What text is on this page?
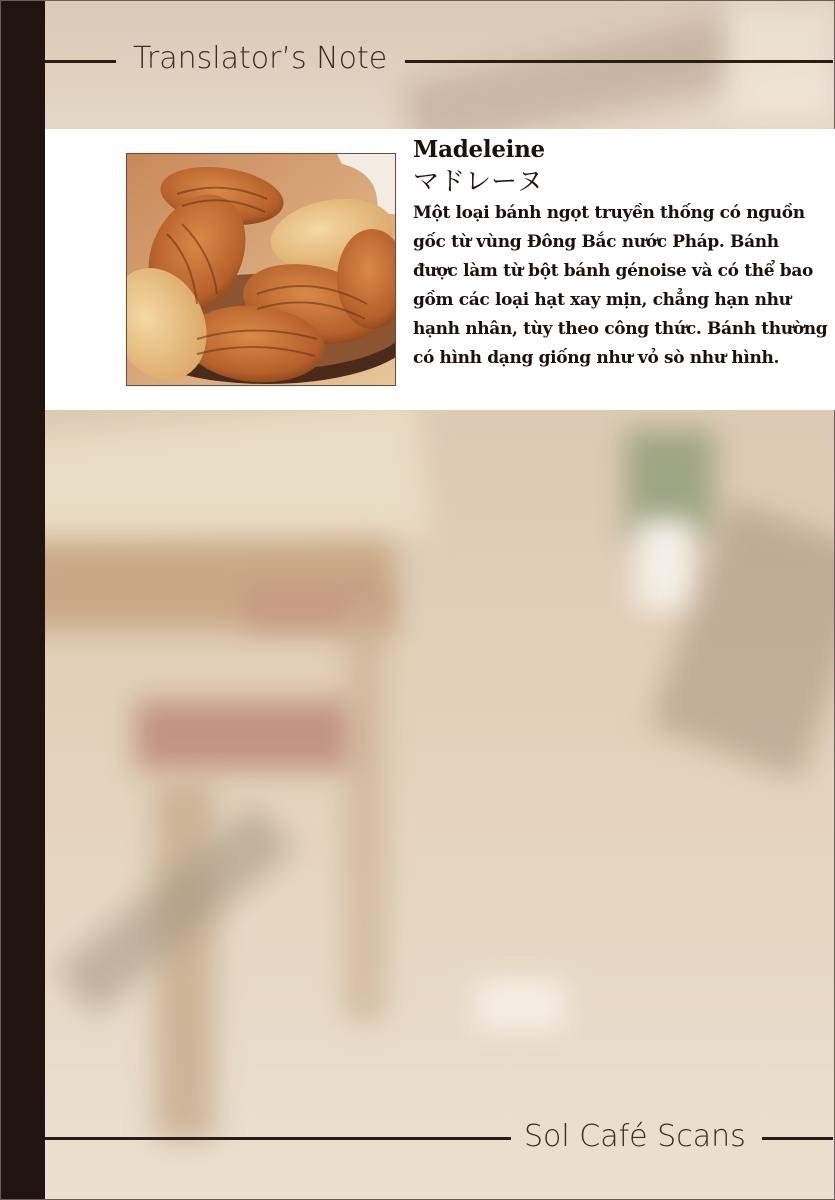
Translator’s Note
Madeleine
マドレーヌ
Một loại bánh ngọt truyền thống có nguồn gốc từ vùng Đông Bắc nước Pháp. Bánh được làm từ bột bánh génoise và có thể bao gồm các loại hạt xay mịn, chẳng hạn như hạnh nhân, tùy theo công thức. Bánh thường có hình dạng giống như vỏ sò như hình.
Sol Café Scans
